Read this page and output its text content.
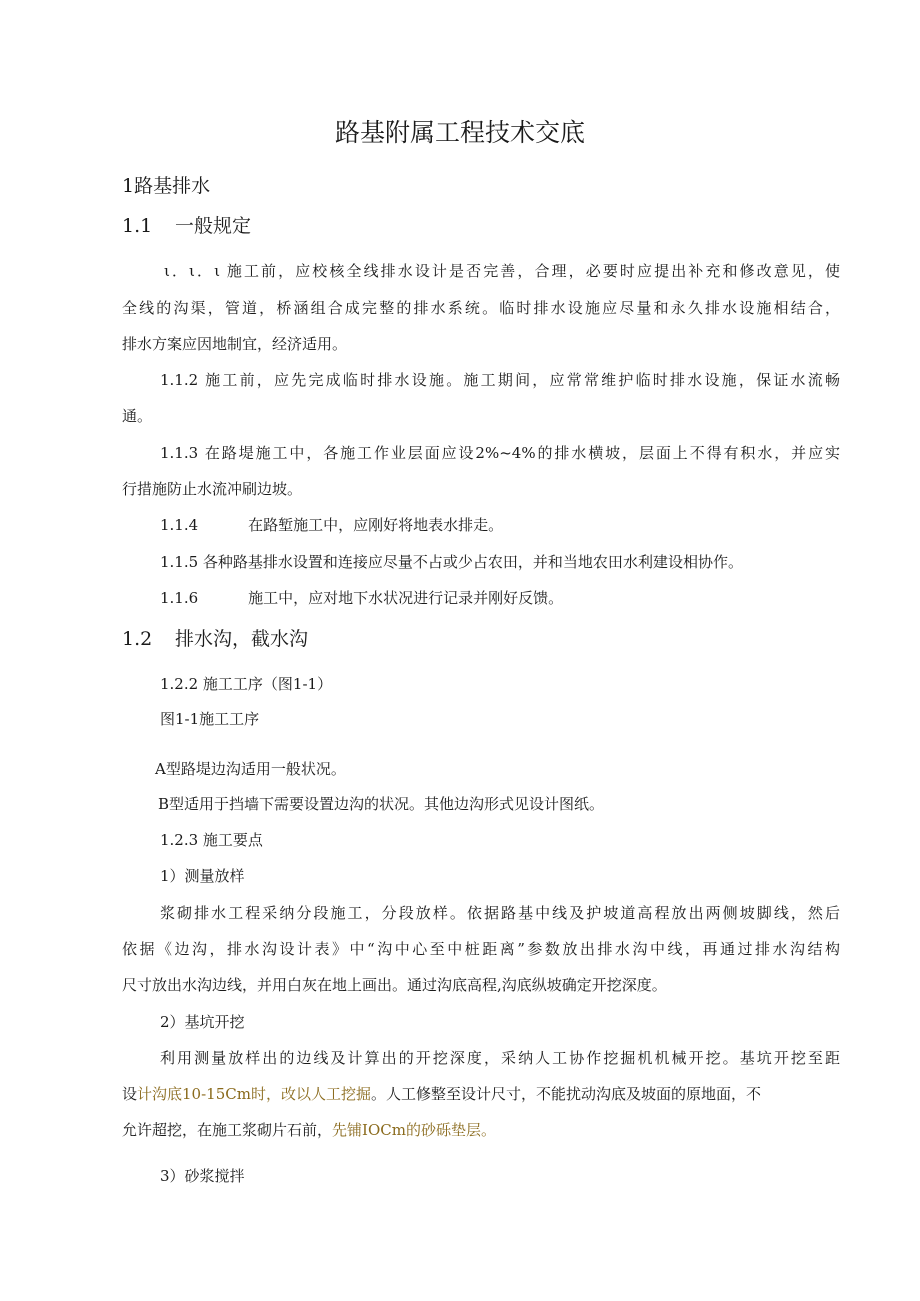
路基附属工程技术交底
1路基排水
1.1 一般规定
ι．ι．ι 施工前，应校核全线排水设计是否完善，合理，必要时应提出补充和修改意见，使
全线的沟渠，管道，桥涵组合成完整的排水系统。临时排水设施应尽量和永久排水设施相结合，
排水方案应因地制宜，经济适用。
1.1.2 施工前，应先完成临时排水设施。施工期间，应常常维护临时排水设施，保证水流畅
通。
1.1.3 在路堤施工中，各施工作业层面应设2%~4%的排水横坡，层面上不得有积水，并应实
行措施防止水流冲刷边坡。
1.1.4	在路堑施工中，应刚好将地表水排走。
1.1.5 各种路基排水设置和连接应尽量不占或少占农田，并和当地农田水利建设相协作。
1.1.6	施工中，应对地下水状况进行记录并刚好反馈。
1.2 排水沟，截水沟
1.2.2 施工工序（图1-1）
图1-1施工工序
A型路堤边沟适用一般状况。
B型适用于挡墙下需要设置边沟的状况。其他边沟形式见设计图纸。
1.2.3 施工要点
1）测量放样
浆砌排水工程采纳分段施工，分段放样。依据路基中线及护坡道高程放出两侧坡脚线，然后
依据《边沟，排水沟设计表》中“沟中心至中桩距离”参数放出排水沟中线，再通过排水沟结构
尺寸放出水沟边线，并用白灰在地上画出。通过沟底高程,沟底纵坡确定开挖深度。
2）基坑开挖
利用测量放样出的边线及计算出的开挖深度，采纳人工协作挖掘机机械开挖。基坑开挖至距
设计沟底10-15Cm时，改以人工挖掘。人工修整至设计尺寸，不能扰动沟底及坡面的原地面，不
允许超挖，在施工浆砌片石前，先铺IOCm的砂砾垫层。
3）砂浆搅拌
